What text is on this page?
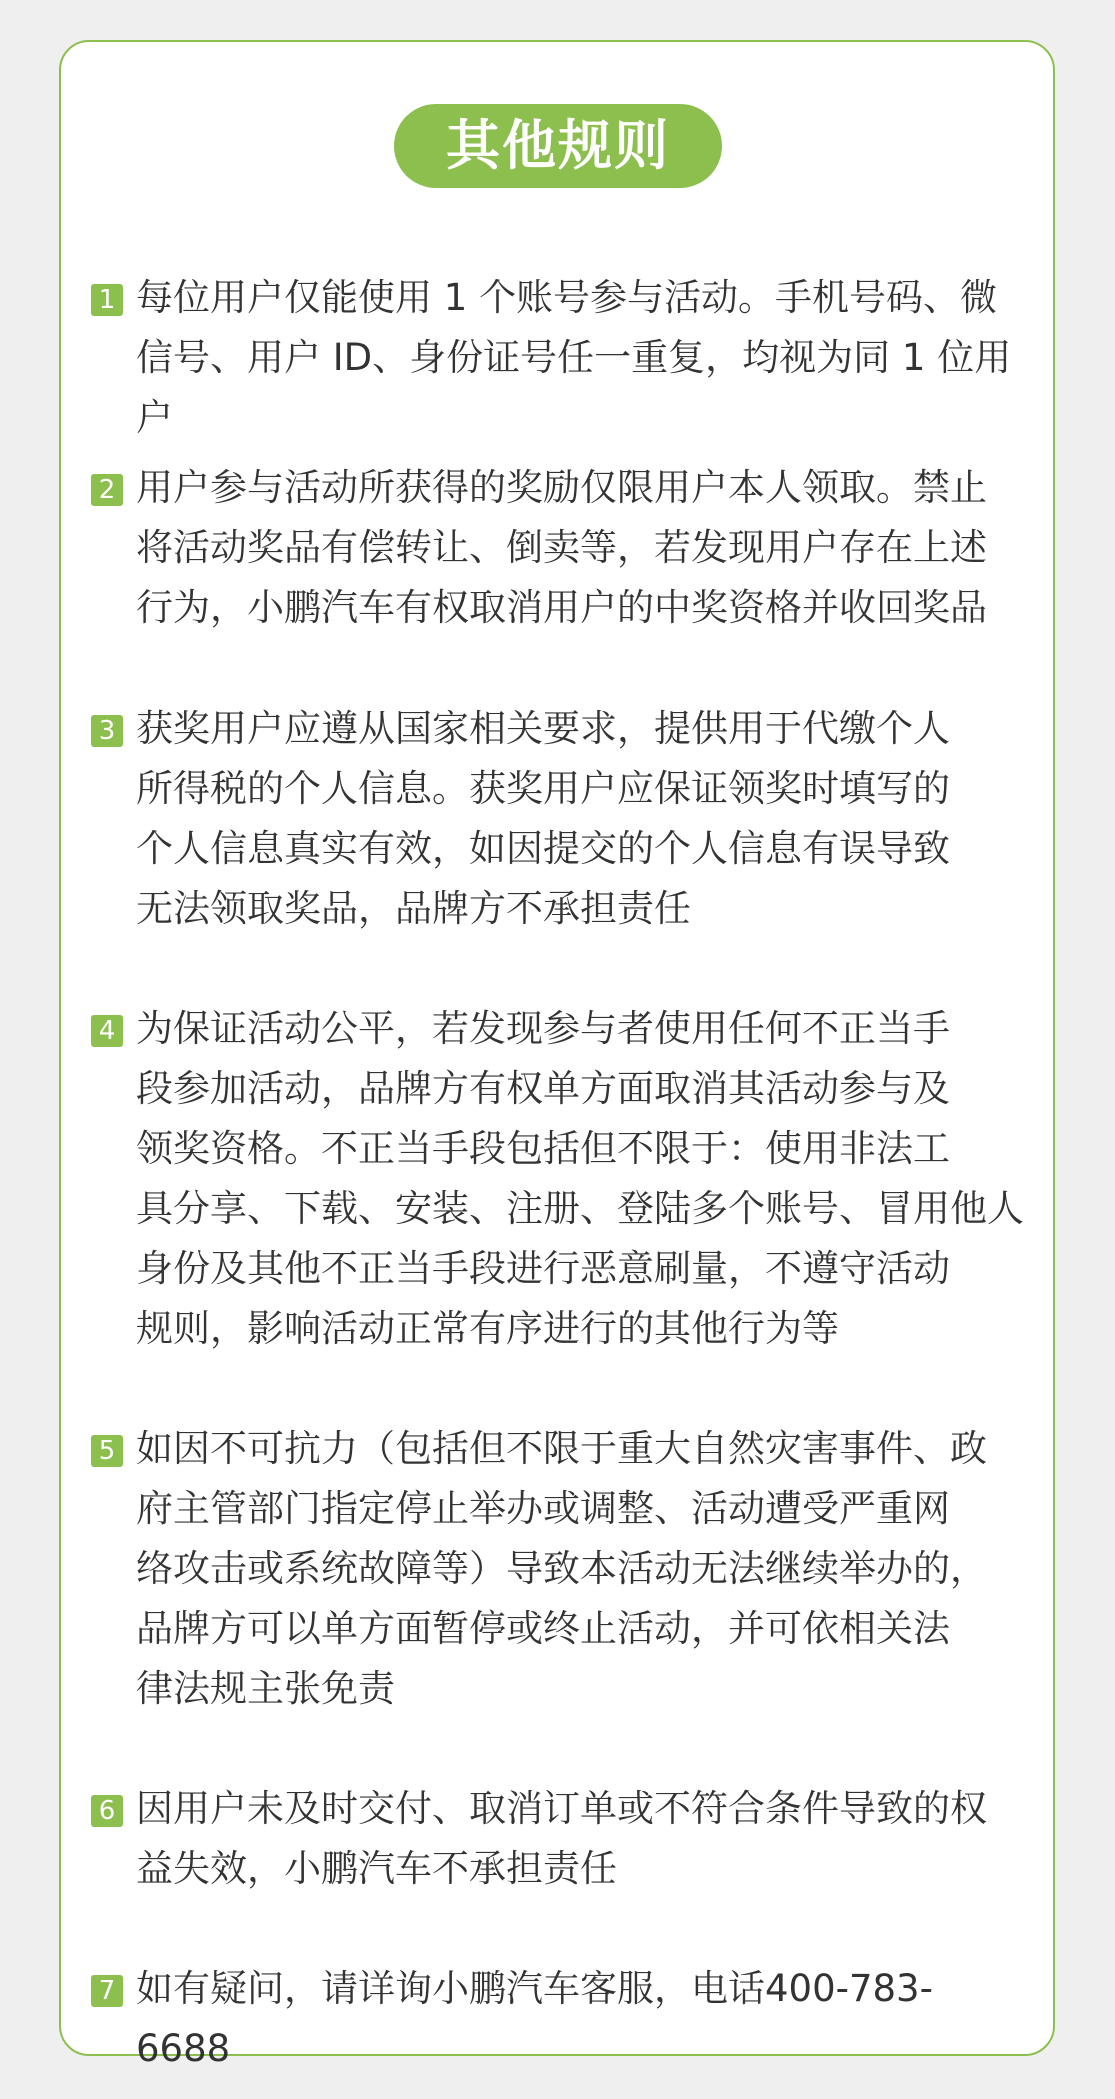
其他规则
1 每位用户仅能使用 1 个账号参与活动。手机号码、微
信号、用户 ID、身份证号任一重复，均视为同 1 位用户
2 用户参与活动所获得的奖励仅限用户本人领取。禁止
将活动奖品有偿转让、倒卖等，若发现用户存在上述
行为，小鹏汽车有权取消用户的中奖资格并收回奖品
3 获奖用户应遵从国家相关要求，提供用于代缴个人
所得税的个人信息。获奖用户应保证领奖时填写的
个人信息真实有效，如因提交的个人信息有误导致
无法领取奖品，品牌方不承担责任
4 为保证活动公平，若发现参与者使用任何不正当手
段参加活动，品牌方有权单方面取消其活动参与及
领奖资格。不正当手段包括但不限于：使用非法工
具分享、下载、安装、注册、登陆多个账号、冒用他人
身份及其他不正当手段进行恶意刷量，不遵守活动
规则，影响活动正常有序进行的其他行为等
5 如因不可抗力（包括但不限于重大自然灾害事件、政
府主管部门指定停止举办或调整、活动遭受严重网
络攻击或系统故障等）导致本活动无法继续举办的，
品牌方可以单方面暂停或终止活动，并可依相关法
律法规主张免责
6 因用户未及时交付、取消订单或不符合条件导致的权
益失效，小鹏汽车不承担责任
7 如有疑问，请详询小鹏汽车客服，电话400-783-6688
